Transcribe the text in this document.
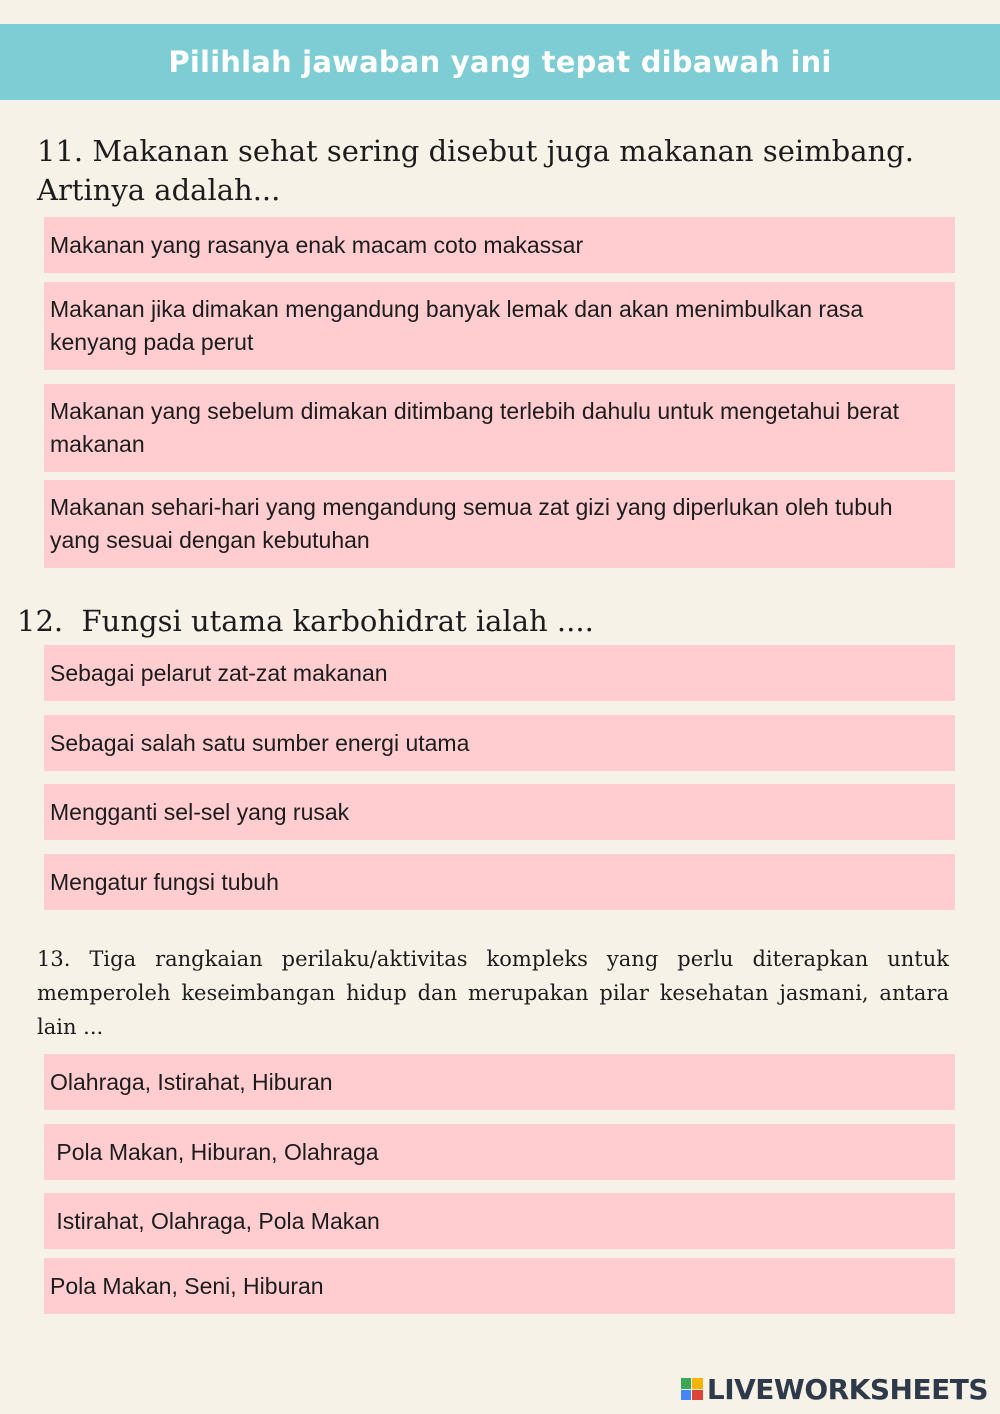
Pilihlah jawaban yang tepat dibawah ini
11. Makanan sehat sering disebut juga makanan seimbang. Artinya adalah...
Makanan yang rasanya enak macam coto makassar
Makanan jika dimakan mengandung banyak lemak dan akan menimbulkan rasa kenyang pada perut
Makanan yang sebelum dimakan ditimbang terlebih dahulu untuk mengetahui berat makanan
Makanan sehari-hari yang mengandung semua zat gizi yang diperlukan oleh tubuh yang sesuai dengan kebutuhan
12.  Fungsi utama karbohidrat ialah ....
Sebagai pelarut zat-zat makanan
Sebagai salah satu sumber energi utama
Mengganti sel-sel yang rusak
Mengatur fungsi tubuh
13. Tiga rangkaian perilaku/aktivitas kompleks yang perlu diterapkan untuk memperoleh keseimbangan hidup dan merupakan pilar kesehatan jasmani, antara lain ...
Olahraga, Istirahat, Hiburan
Pola Makan, Hiburan, Olahraga
Istirahat, Olahraga, Pola Makan
Pola Makan, Seni, Hiburan
LIVEWORKSHEETS
